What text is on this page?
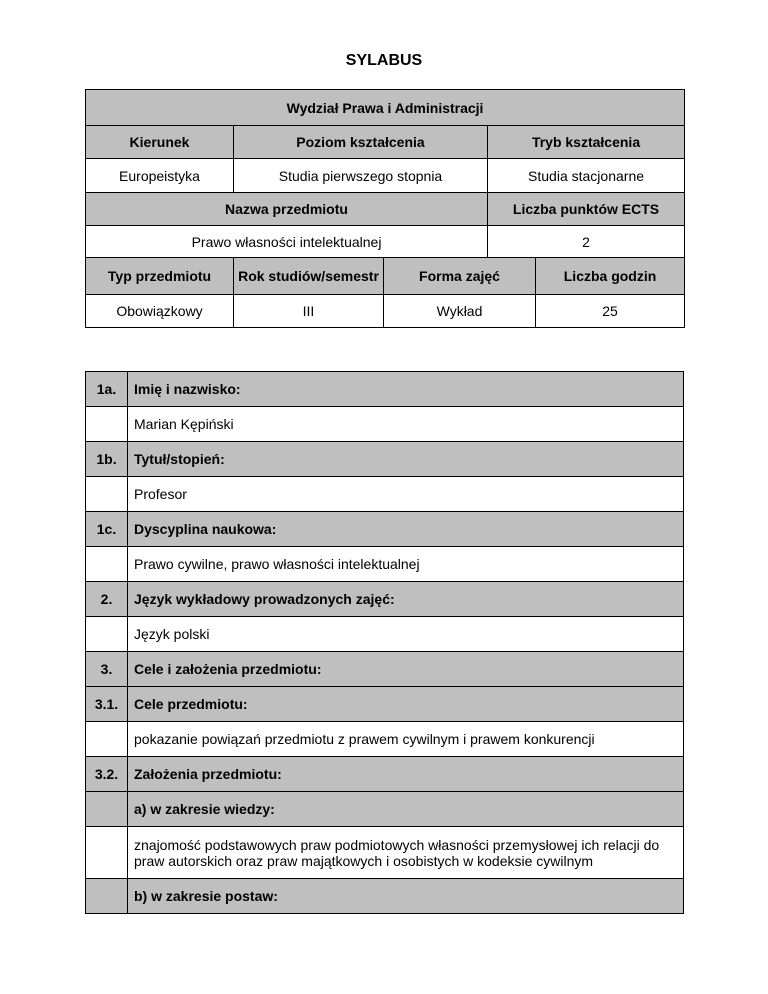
SYLABUS
Wydział Prawa i Administracji				
Kierunek	Poziom kształcenia		Tryb kształcenia	
Europeistyka	Studia pierwszego stopnia		Studia stacjonarne	
Nazwa przedmiotu			Liczba punktów ECTS	
Prawo własności intelektualnej			2	
Typ przedmiotu	Rok studiów/semestr	Forma zajęć		Liczba godzin
Obowiązkowy	III	Wykład		25
1a.	Imię i nazwisko:
	Marian Kępiński
1b.	Tytuł/stopień:
	Profesor
1c.	Dyscyplina naukowa:
	Prawo cywilne, prawo własności intelektualnej
2.	Język wykładowy prowadzonych zajęć:
	Język polski
3.	Cele i założenia przedmiotu:
3.1.	Cele przedmiotu:
	pokazanie powiązań przedmiotu z prawem cywilnym i prawem konkurencji
3.2.	Założenia przedmiotu:
	a) w zakresie wiedzy:
	znajomość podstawowych praw podmiotowych własności przemysłowej ich relacji do praw autorskich oraz praw majątkowych i osobistych w kodeksie cywilnym
	b) w zakresie postaw:
